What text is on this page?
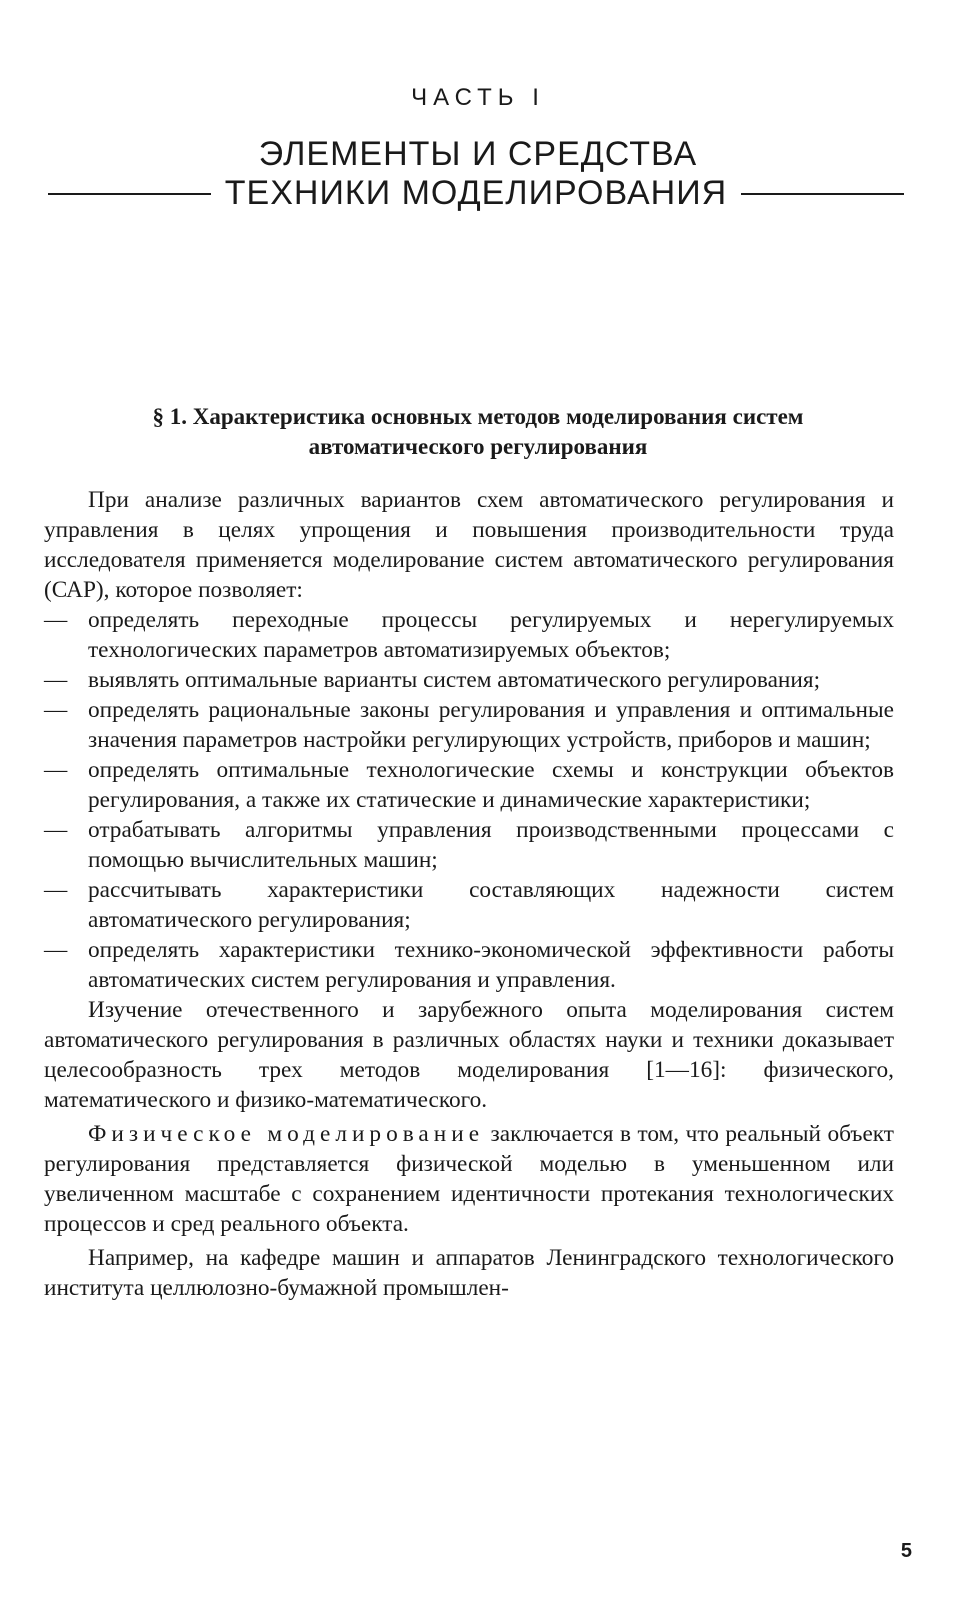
ЧАСТЬ I
ЭЛЕМЕНТЫ И СРЕДСТВА
ТЕХНИКИ МОДЕЛИРОВАНИЯ
§ 1. Характеристика основных методов моделирования систем
автоматического регулирования

При анализе различных вариантов схем автоматического регулирования и управления в целях упрощения и повышения производительности труда исследователя применяется моделирование систем автоматического регулирования (САР), которое позволяет:

— определять переходные процессы регулируемых и нерегулируемых технологических параметров автоматизируемых объектов;
— выявлять оптимальные варианты систем автоматического регулирования;
— определять рациональные законы регулирования и управления и оптимальные значения параметров настройки регулирующих устройств, приборов и машин;
— определять оптимальные технологические схемы и конструкции объектов регулирования, а также их статические и динамические характеристики;
— отрабатывать алгоритмы управления производственными процессами с помощью вычислительных машин;
— рассчитывать характеристики составляющих надежности систем автоматического регулирования;
— определять характеристики технико-экономической эффективности работы автоматических систем регулирования и управления.

Изучение отечественного и зарубежного опыта моделирования систем автоматического регулирования в различных областях науки и техники доказывает целесообразность трех методов моделирования [1—16]: физического, математического и физико-математического.

Физическое моделирование заключается в том, что реальный объект регулирования представляется физической моделью в уменьшенном или увеличенном масштабе с сохранением идентичности протекания технологических процессов и сред реального объекта.

Например, на кафедре машин и аппаратов Ленинградского технологического института целлюлозно-бумажной промышлен-

5
